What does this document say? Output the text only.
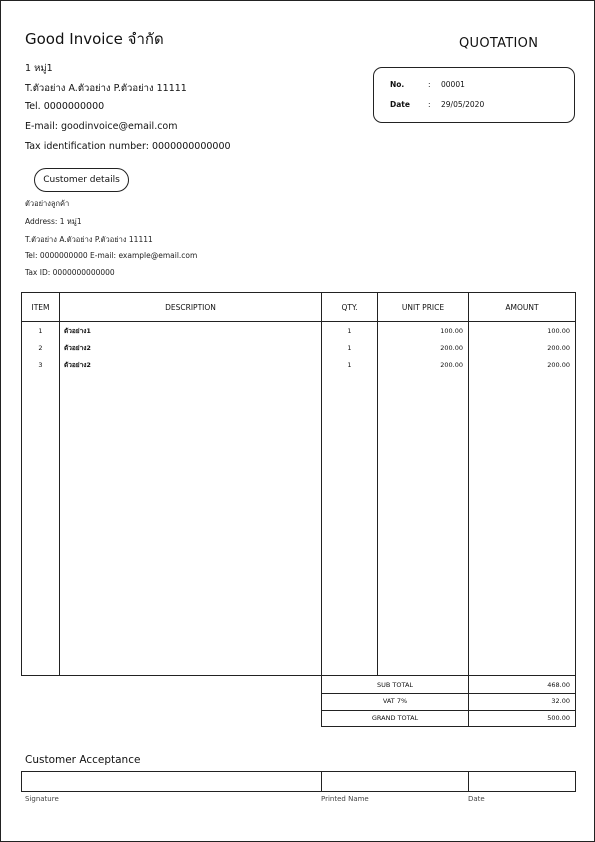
Good Invoice จำกัด
1 หมู่1
T.ตัวอย่าง A.ตัวอย่าง P.ตัวอย่าง 11111
Tel. 0000000000
E-mail: goodinvoice@email.com
Tax identification number: 0000000000000
QUOTATION
No.	: 00001
Date : 29/05/2020
Customer details
ตัวอย่างลูกค้า
Address: 1 หมู่1
T.ตัวอย่าง A.ตัวอย่าง P.ตัวอย่าง 11111
Tel: 0000000000 E-mail: example@email.com
Tax ID: 0000000000000
ITEM	DESCRIPTION	QTY.	UNIT PRICE	AMOUNT
1	ตัวอย่าง1	1	100.00	100.00
2	ตัวอย่าง2	1	200.00	200.00
3	ตัวอย่าง2	1	200.00	200.00
SUB TOTAL	468.00
VAT 7%	32.00
GRAND TOTAL	500.00
Customer Acceptance
Signature	Printed Name	Date
